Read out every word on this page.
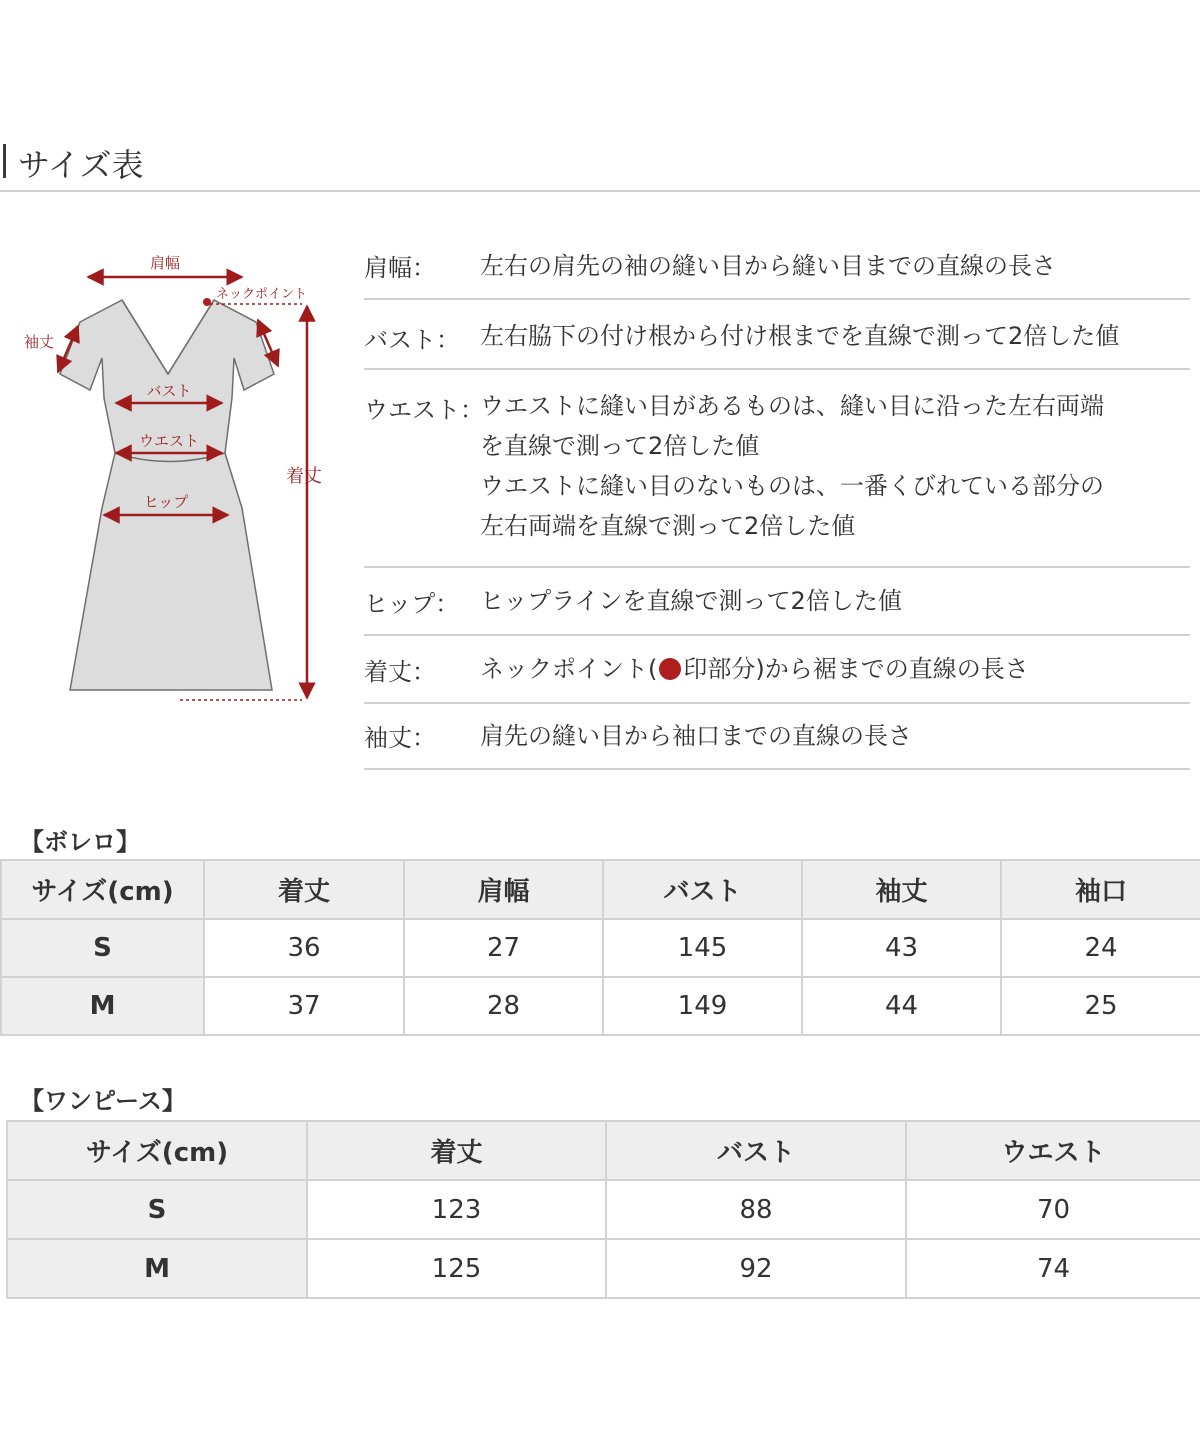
サイズ表
肩幅
ネックポイント
袖丈
バスト
ウエスト
ヒップ
着丈
肩幅： 左右の肩先の袖の縫い目から縫い目までの直線の長さ
バスト： 左右脇下の付け根から付け根までを直線で測って2倍した値
ウエスト：
ウエストに縫い目があるものは、縫い目に沿った左右両端
を直線で測って2倍した値
ウエストに縫い目のないものは、一番くびれている部分の
左右両端を直線で測って2倍した値
ヒップ： ヒップラインを直線で測って2倍した値
着丈： ネックポイント( 印部分)から裾までの直線の長さ
袖丈： 肩先の縫い目から袖口までの直線の長さ
【ボレロ】
サイズ(cm)	着丈	肩幅	バスト	袖丈	袖口
S	36	27	145	43	24
M	37	28	149	44	25
【ワンピース】
サイズ(cm)	着丈	バスト	ウエスト
S	123	88	70
M	125	92	74
